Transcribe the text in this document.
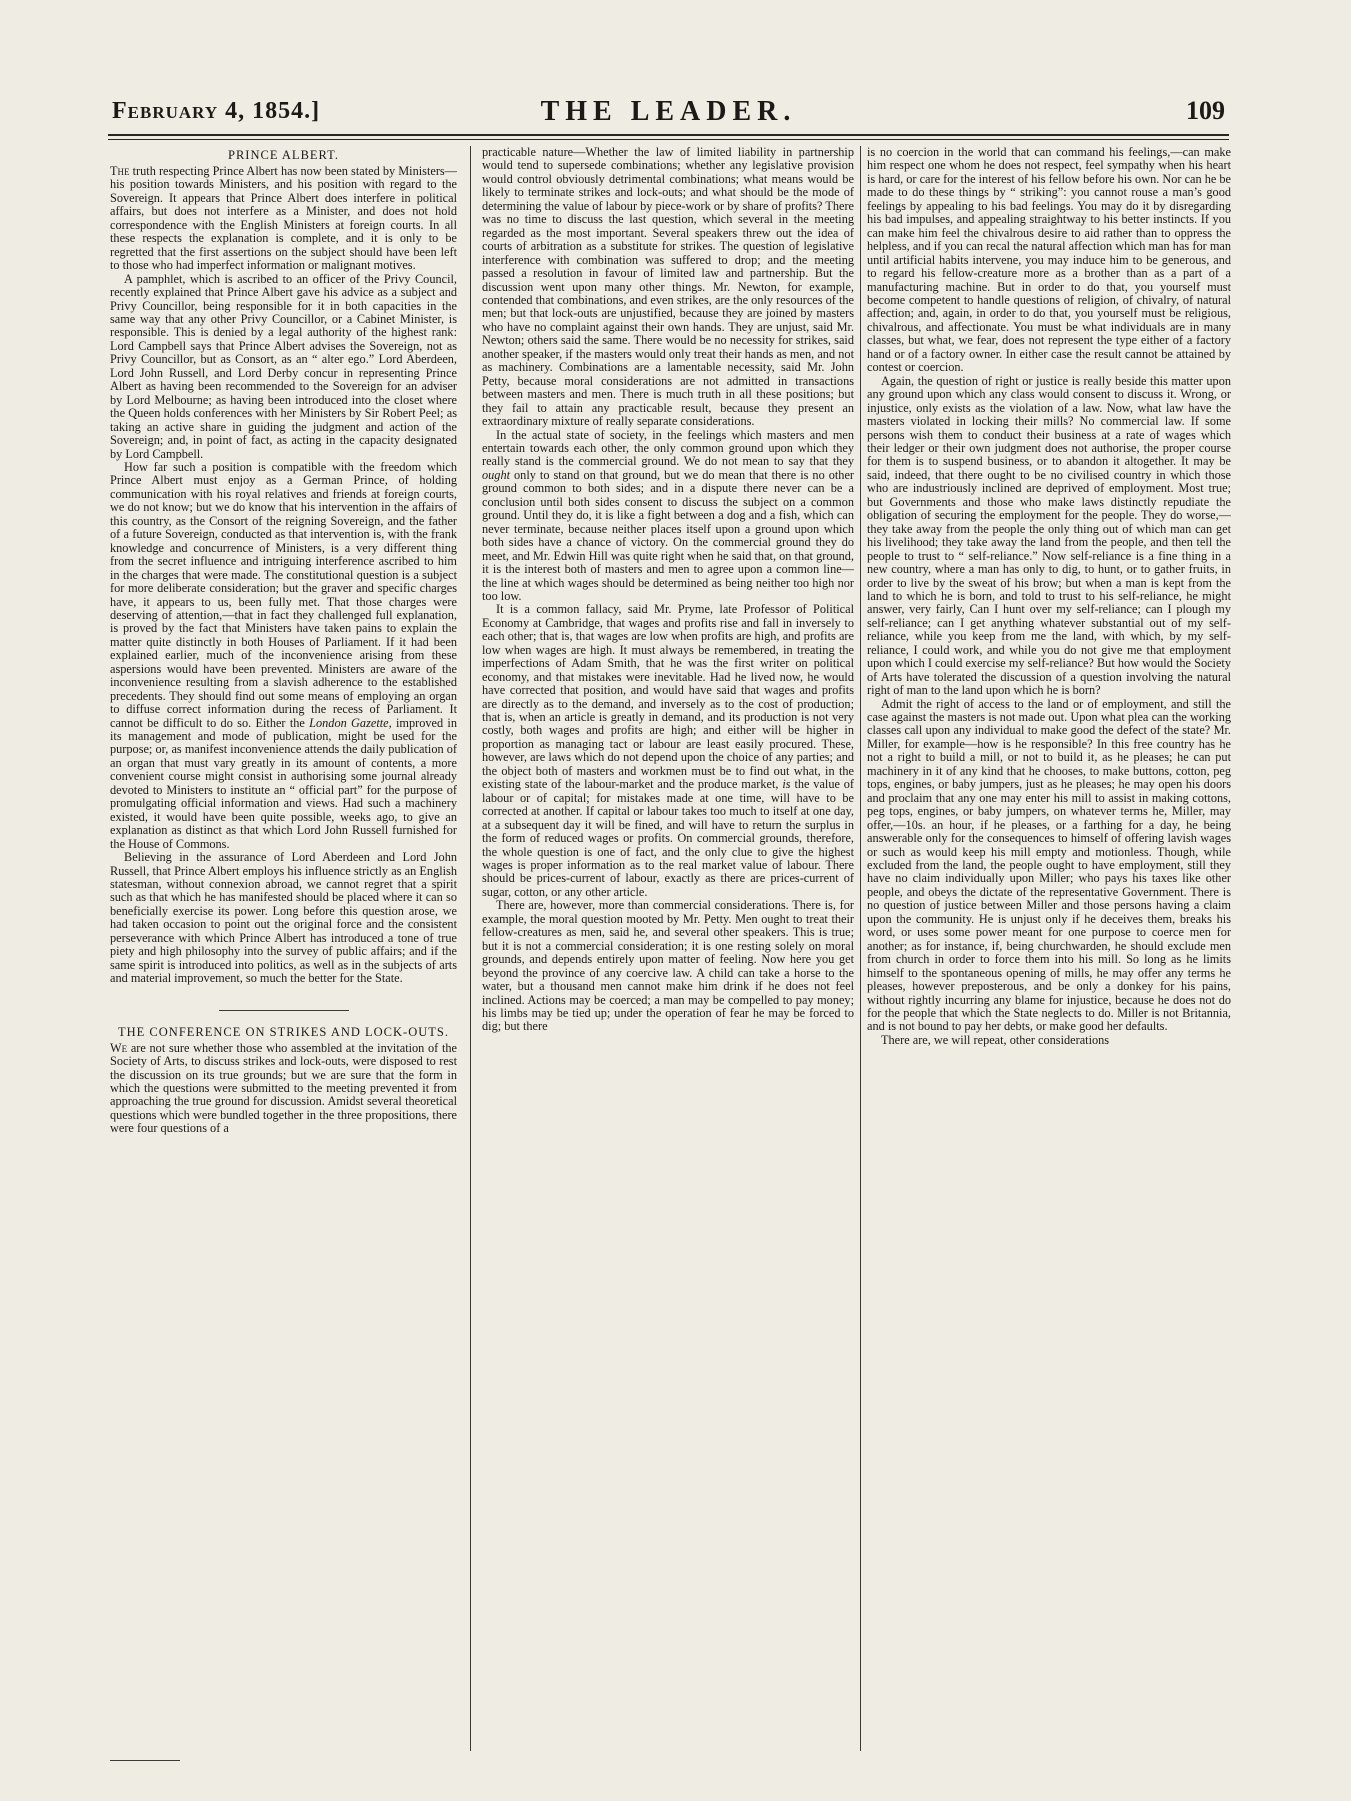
February 4, 1854.]	THE LEADER.	109
PRINCE ALBERT.

The truth respecting Prince Albert has now been stated by Ministers—his position towards Ministers, and his position with regard to the Sovereign. It appears that Prince Albert does interfere in political affairs, but does not interfere as a Minister, and does not hold correspondence with the English Ministers at foreign courts. In all these respects the explanation is complete, and it is only to be regretted that the first assertions on the subject should have been left to those who had imperfect information or malignant motives.

A pamphlet, which is ascribed to an officer of the Privy Council, recently explained that Prince Albert gave his advice as a subject and Privy Councillor, being responsible for it in both capacities in the same way that any other Privy Councillor, or a Cabinet Minister, is responsible. This is denied by a legal authority of the highest rank: Lord Campbell says that Prince Albert advises the Sovereign, not as Privy Councillor, but as Consort, as an “ alter ego.” Lord Aberdeen, Lord John Russell, and Lord Derby concur in representing Prince Albert as having been recommended to the Sovereign for an adviser by Lord Melbourne; as having been introduced into the closet where the Queen holds conferences with her Ministers by Sir Robert Peel; as taking an active share in guiding the judgment and action of the Sovereign; and, in point of fact, as acting in the capacity designated by Lord Campbell.

How far such a position is compatible with the freedom which Prince Albert must enjoy as a German Prince, of holding communication with his royal relatives and friends at foreign courts, we do not know; but we do know that his intervention in the affairs of this country, as the Consort of the reigning Sovereign, and the father of a future Sovereign, conducted as that intervention is, with the frank knowledge and concurrence of Ministers, is a very different thing from the secret influence and intriguing interference ascribed to him in the charges that were made. The constitutional question is a subject for more deliberate consideration; but the graver and specific charges have, it appears to us, been fully met. That those charges were deserving of attention,—that in fact they challenged full explanation, is proved by the fact that Ministers have taken pains to explain the matter quite distinctly in both Houses of Parliament. If it had been explained earlier, much of the inconvenience arising from these aspersions would have been prevented. Ministers are aware of the inconvenience resulting from a slavish adherence to the established precedents. They should find out some means of employing an organ to diffuse correct information during the recess of Parliament. It cannot be difficult to do so. Either the London Gazette, improved in its management and mode of publication, might be used for the purpose; or, as manifest inconvenience attends the daily publication of an organ that must vary greatly in its amount of contents, a more convenient course might consist in authorising some journal already devoted to Ministers to institute an “ official part” for the purpose of promulgating official information and views. Had such a machinery existed, it would have been quite possible, weeks ago, to give an explanation as distinct as that which Lord John Russell furnished for the House of Commons.

Believing in the assurance of Lord Aberdeen and Lord John Russell, that Prince Albert employs his influence strictly as an English statesman, without connexion abroad, we cannot regret that a spirit such as that which he has manifested should be placed where it can so beneficially exercise its power. Long before this question arose, we had taken occasion to point out the original force and the consistent perseverance with which Prince Albert has introduced a tone of true piety and high philosophy into the survey of public affairs; and if the same spirit is introduced into politics, as well as in the subjects of arts and material improvement, so much the better for the State.

THE CONFERENCE ON STRIKES AND LOCK-OUTS.

We are not sure whether those who assembled at the invitation of the Society of Arts, to discuss strikes and lock-outs, were disposed to rest the discussion on its true grounds; but we are sure that the form in which the questions were submitted to the meeting prevented it from approaching the true ground for discussion. Amidst several theoretical questions which were bundled together in the three propositions, there were four questions of a

practicable nature—Whether the law of limited liability in partnership would tend to supersede combinations; whether any legislative provision would control obviously detrimental combinations; what means would be likely to terminate strikes and lock-outs; and what should be the mode of determining the value of labour by piece-work or by share of profits? There was no time to discuss the last question, which several in the meeting regarded as the most important. Several speakers threw out the idea of courts of arbitration as a substitute for strikes. The question of legislative interference with combination was suffered to drop; and the meeting passed a resolution in favour of limited law and partnership. But the discussion went upon many other things. Mr. Newton, for example, contended that combinations, and even strikes, are the only resources of the men; but that lock-outs are unjustified, because they are joined by masters who have no complaint against their own hands. They are unjust, said Mr. Newton; others said the same. There would be no necessity for strikes, said another speaker, if the masters would only treat their hands as men, and not as machinery. Combinations are a lamentable necessity, said Mr. John Petty, because moral considerations are not admitted in transactions between masters and men. There is much truth in all these positions; but they fail to attain any practicable result, because they present an extraordinary mixture of really separate considerations.

In the actual state of society, in the feelings which masters and men entertain towards each other, the only common ground upon which they really stand is the commercial ground. We do not mean to say that they ought only to stand on that ground, but we do mean that there is no other ground common to both sides; and in a dispute there never can be a conclusion until both sides consent to discuss the subject on a common ground. Until they do, it is like a fight between a dog and a fish, which can never terminate, because neither places itself upon a ground upon which both sides have a chance of victory. On the commercial ground they do meet, and Mr. Edwin Hill was quite right when he said that, on that ground, it is the interest both of masters and men to agree upon a common line—the line at which wages should be determined as being neither too high nor too low.

It is a common fallacy, said Mr. Pryme, late Professor of Political Economy at Cambridge, that wages and profits rise and fall in inversely to each other; that is, that wages are low when profits are high, and profits are low when wages are high. It must always be remembered, in treating the imperfections of Adam Smith, that he was the first writer on political economy, and that mistakes were inevitable. Had he lived now, he would have corrected that position, and would have said that wages and profits are directly as to the demand, and inversely as to the cost of production; that is, when an article is greatly in demand, and its production is not very costly, both wages and profits are high; and either will be higher in proportion as managing tact or labour are least easily procured. These, however, are laws which do not depend upon the choice of any parties; and the object both of masters and workmen must be to find out what, in the existing state of the labour-market and the produce market, is the value of labour or of capital; for mistakes made at one time, will have to be corrected at another. If capital or labour takes too much to itself at one day, at a subsequent day it will be fined, and will have to return the surplus in the form of reduced wages or profits. On commercial grounds, therefore, the whole question is one of fact, and the only clue to give the highest wages is proper information as to the real market value of labour. There should be prices-current of labour, exactly as there are prices-current of sugar, cotton, or any other article.

There are, however, more than commercial considerations. There is, for example, the moral question mooted by Mr. Petty. Men ought to treat their fellow-creatures as men, said he, and several other speakers. This is true; but it is not a commercial consideration; it is one resting solely on moral grounds, and depends entirely upon matter of feeling. Now here you get beyond the province of any coercive law. A child can take a horse to the water, but a thousand men cannot make him drink if he does not feel inclined. Actions may be coerced; a man may be compelled to pay money; his limbs may be tied up; under the operation of fear he may be forced to dig; but there

is no coercion in the world that can command his feelings,—can make him respect one whom he does not respect, feel sympathy when his heart is hard, or care for the interest of his fellow before his own. Nor can he be made to do these things by “ striking”: you cannot rouse a man’s good feelings by appealing to his bad feelings. You may do it by disregarding his bad impulses, and appealing straightway to his better instincts. If you can make him feel the chivalrous desire to aid rather than to oppress the helpless, and if you can recal the natural affection which man has for man until artificial habits intervene, you may induce him to be generous, and to regard his fellow-creature more as a brother than as a part of a manufacturing machine. But in order to do that, you yourself must become competent to handle questions of religion, of chivalry, of natural affection; and, again, in order to do that, you yourself must be religious, chivalrous, and affectionate. You must be what individuals are in many classes, but what, we fear, does not represent the type either of a factory hand or of a factory owner. In either case the result cannot be attained by contest or coercion.

Again, the question of right or justice is really beside this matter upon any ground upon which any class would consent to discuss it. Wrong, or injustice, only exists as the violation of a law. Now, what law have the masters violated in locking their mills? No commercial law. If some persons wish them to conduct their business at a rate of wages which their ledger or their own judgment does not authorise, the proper course for them is to suspend business, or to abandon it altogether. It may be said, indeed, that there ought to be no civilised country in which those who are industriously inclined are deprived of employment. Most true; but Governments and those who make laws distinctly repudiate the obligation of securing the employment for the people. They do worse,—they take away from the people the only thing out of which man can get his livelihood; they take away the land from the people, and then tell the people to trust to “ self-reliance.” Now self-reliance is a fine thing in a new country, where a man has only to dig, to hunt, or to gather fruits, in order to live by the sweat of his brow; but when a man is kept from the land to which he is born, and told to trust to his self-reliance, he might answer, very fairly, Can I hunt over my self-reliance; can I plough my self-reliance; can I get anything whatever substantial out of my self-reliance, while you keep from me the land, with which, by my self-reliance, I could work, and while you do not give me that employment upon which I could exercise my self-reliance? But how would the Society of Arts have tolerated the discussion of a question involving the natural right of man to the land upon which he is born?

Admit the right of access to the land or of employment, and still the case against the masters is not made out. Upon what plea can the working classes call upon any individual to make good the defect of the state? Mr. Miller, for example—how is he responsible? In this free country has he not a right to build a mill, or not to build it, as he pleases; he can put machinery in it of any kind that he chooses, to make buttons, cotton, peg tops, engines, or baby jumpers, just as he pleases; he may open his doors and proclaim that any one may enter his mill to assist in making cottons, peg tops, engines, or baby jumpers, on whatever terms he, Miller, may offer,—10s. an hour, if he pleases, or a farthing for a day, he being answerable only for the consequences to himself of offering lavish wages or such as would keep his mill empty and motionless. Though, while excluded from the land, the people ought to have employment, still they have no claim individually upon Miller; who pays his taxes like other people, and obeys the dictate of the representative Government. There is no question of justice between Miller and those persons having a claim upon the community. He is unjust only if he deceives them, breaks his word, or uses some power meant for one purpose to coerce men for another; as for instance, if, being churchwarden, he should exclude men from church in order to force them into his mill. So long as he limits himself to the spontaneous opening of mills, he may offer any terms he pleases, however preposterous, and be only a donkey for his pains, without rightly incurring any blame for injustice, because he does not do for the people that which the State neglects to do. Miller is not Britannia, and is not bound to pay her debts, or make good her defaults.

There are, we will repeat, other considerations
